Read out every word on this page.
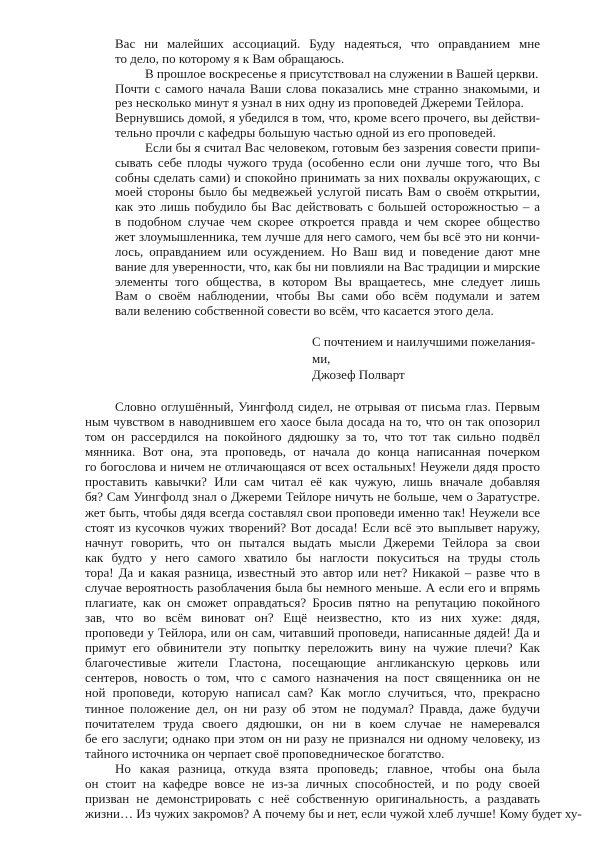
Вас ни малейших ассоциаций. Буду надеяться, что оправданием мне
то дело, по которому я к Вам обращаюсь.
В прошлое воскресенье я присутствовал на служении в Вашей церкви.
Почти с самого начала Ваши слова показались мне странно знакомыми, и
рез несколько минут я узнал в них одну из проповедей Джереми Тейлора.
Вернувшись домой, я убедился в том, что, кроме всего прочего, вы действи-
тельно прочли с кафедры большую частью одной из его проповедей.
Если бы я считал Вас человеком, готовым без зазрения совести припи-
сывать себе плоды чужого труда (особенно если они лучше того, что Вы
собны сделать сами) и спокойно принимать за них похвалы окружающих, с
моей стороны было бы медвежьей услугой писать Вам о своём открытии,
как это лишь побудило бы Вас действовать с большей осторожностью – а
в подобном случае чем скорее откроется правда и чем скорее общество
жет злоумышленника, тем лучше для него самого, чем бы всё это ни кончи-
лось, оправданием или осуждением. Но Ваш вид и поведение дают мне
вание для уверенности, что, как бы ни повлияли на Вас традиции и мирские
элементы того общества, в котором Вы вращаетесь, мне следует лишь
Вам о своём наблюдении, чтобы Вы сами обо всём подумали и затем
вали велению собственной совести во всём, что касается этого дела.
С почтением и наилучшими пожелания-
ми,
Джозеф Полварт
Словно оглушённый, Уингфолд сидел, не отрывая от письма глаз. Первым
ным чувством в наводнившем его хаосе была досада на то, что он так опозорил
том он рассердился на покойного дядюшку за то, что тот так сильно подвёл
мянника. Вот она, эта проповедь, от начала до конца написанная почерком
го богослова и ничем не отличающаяся от всех остальных! Неужели дядя просто
проставить кавычки? Или сам читал её как чужую, лишь вначале добавляя
бя? Сам Уингфолд знал о Джереми Тейлоре ничуть не больше, чем о Заратустре.
жет быть, чтобы дядя всегда составлял свои проповеди именно так! Неужели все
стоят из кусочков чужих творений? Вот досада! Если всё это выплывет наружу,
начнут говорить, что он пытался выдать мысли Джереми Тейлора за свои
как будто у него самого хватило бы наглости покуситься на труды столь
тора! Да и какая разница, известный это автор или нет? Никакой – разве что в
случае вероятность разоблачения была бы немного меньше. А если его и впрямь
плагиате, как он сможет оправдаться? Бросив пятно на репутацию покойного
зав, что во всём виноват он? Ещё неизвестно, кто из них хуже: дядя,
проповеди у Тейлора, или он сам, читавший проповеди, написанные дядей! Да и
примут его обвинители эту попытку переложить вину на чужие плечи? Как
благочестивые жители Гластона, посещающие англиканскую церковь или
сентеров, новость о том, что с самого назначения на пост священника он не
ной проповеди, которую написал сам? Как могло случиться, что, прекрасно
тинное положение дел, он ни разу об этом не подумал? Правда, даже будучи
почитателем труда своего дядюшки, он ни в коем случае не намеревался
бе его заслуги; однако при этом он ни разу не признался ни одному человеку, из
тайного источника он черпает своё проповедническое богатство.
Но какая разница, откуда взята проповедь; главное, чтобы она была
он стоит на кафедре вовсе не из-за личных способностей, и по роду своей
призван не демонстрировать с неё собственную оригинальность, а раздавать
жизни… Из чужих закромов? А почему бы и нет, если чужой хлеб лучше! Кому будет ху-
